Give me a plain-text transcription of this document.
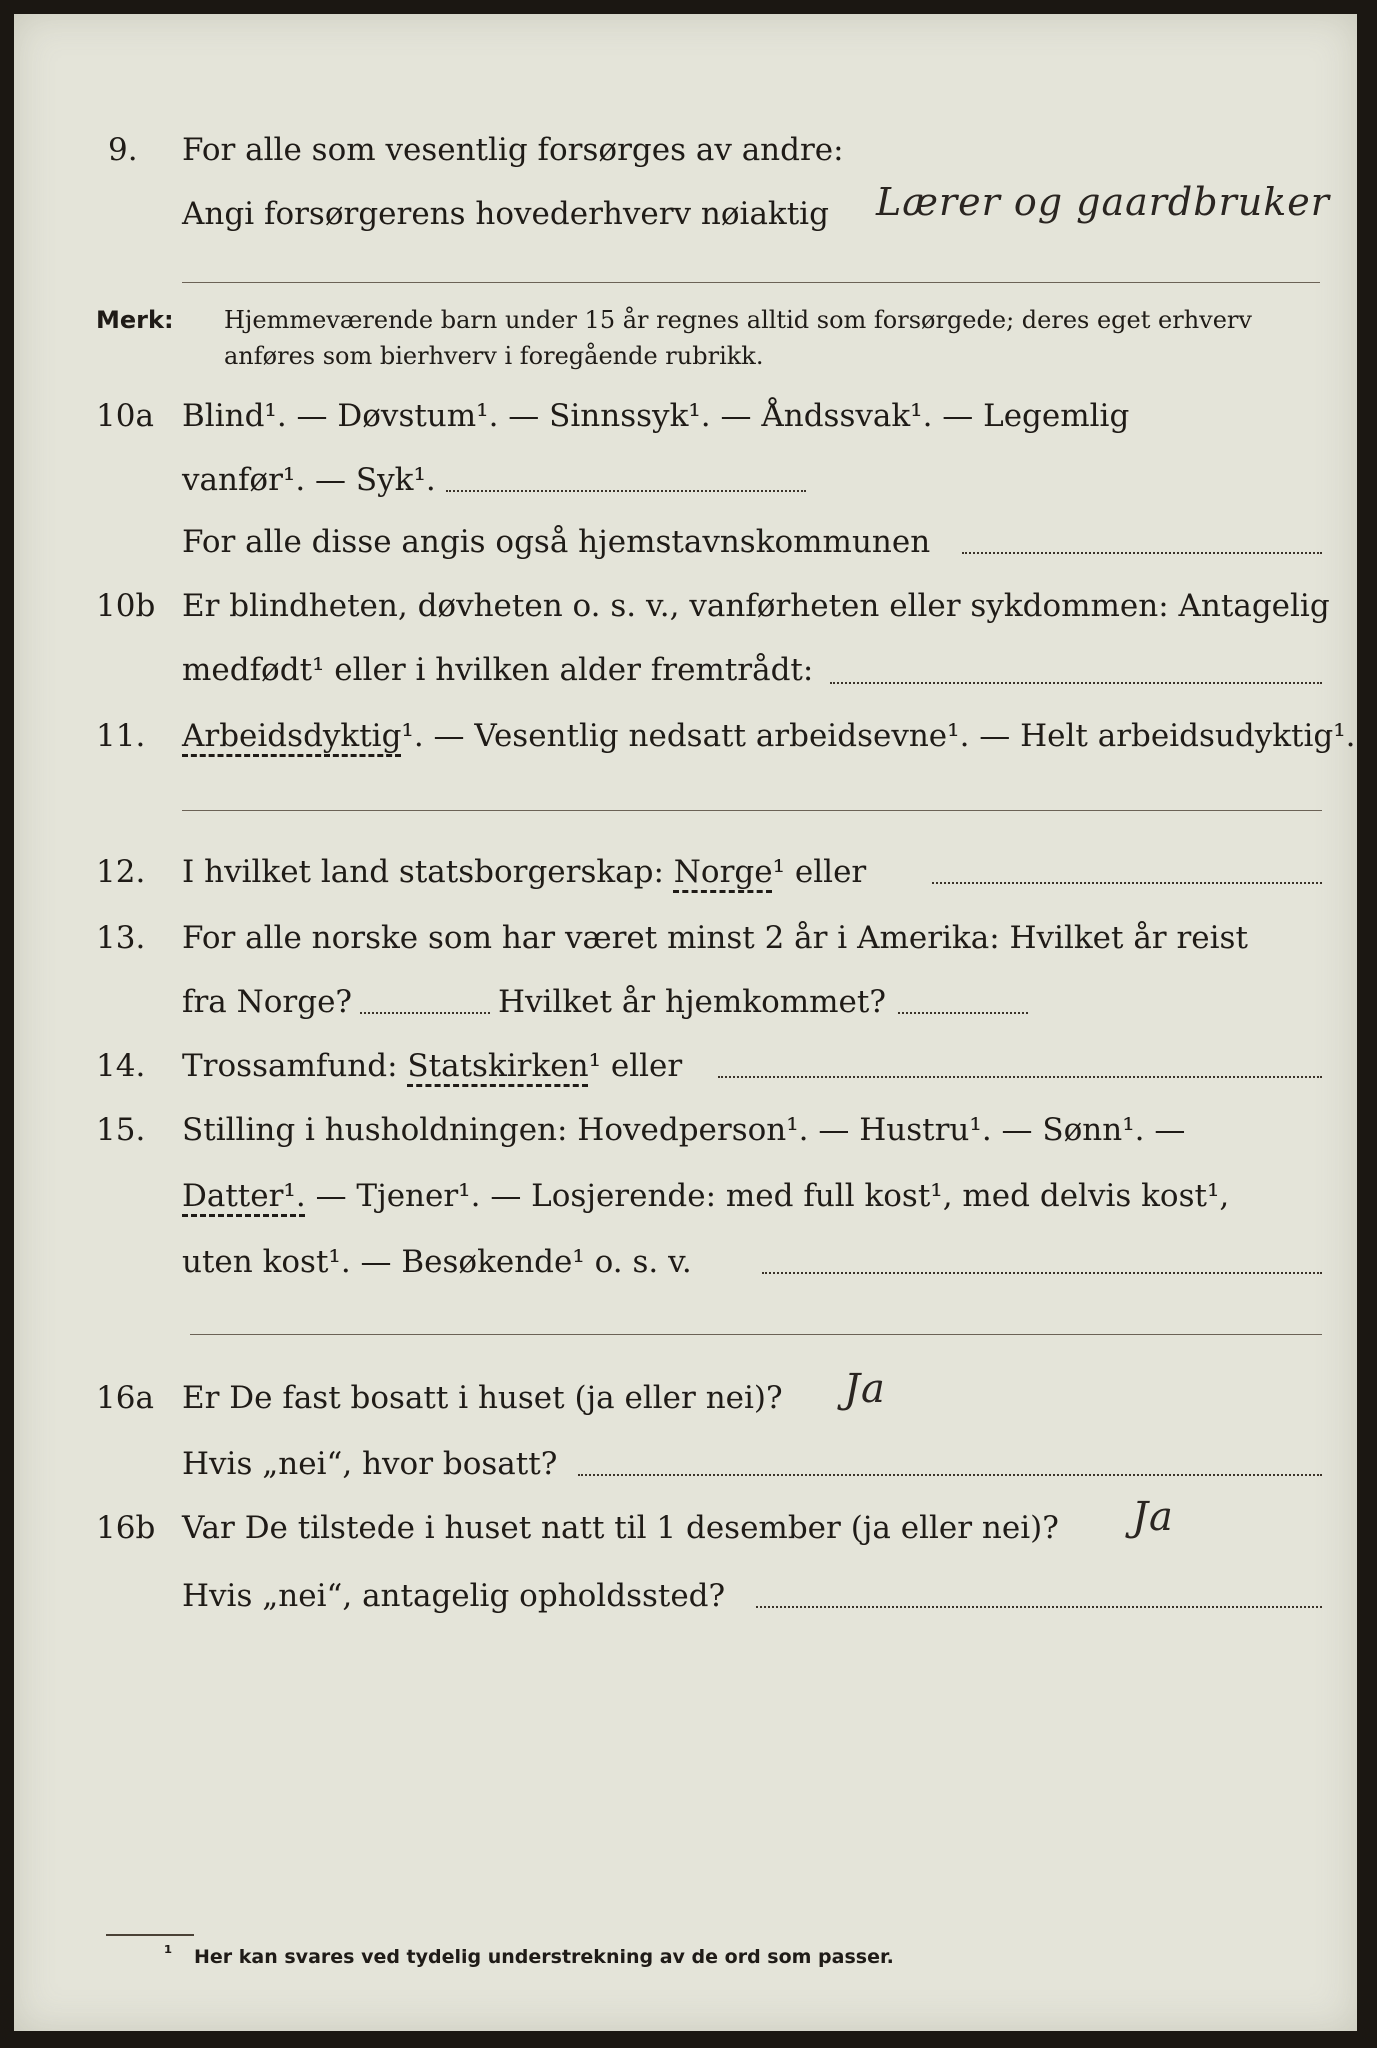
9. For alle som vesentlig forsørges av andre:
Angi forsørgerens hovederhverv nøiaktig Lærer og gaardbruker
Merk: Hjemmeværende barn under 15 år regnes alltid som forsørgede; deres eget erhverv
anføres som bierhverv i foregående rubrikk.
10a Blind¹. — Døvstum¹. — Sinnssyk¹. — Åndssvak¹. — Legemlig
vanfør¹. — Syk¹.
For alle disse angis også hjemstavnskommunen
10b Er blindheten, døvheten o. s. v., vanførheten eller sykdommen: Antagelig
medfødt¹ eller i hvilken alder fremtrådt:
11. Arbeidsdyktig¹. — Vesentlig nedsatt arbeidsevne¹. — Helt arbeidsudyktig¹.
12. I hvilket land statsborgerskap: Norge¹ eller
13. For alle norske som har været minst 2 år i Amerika: Hvilket år reist
fra Norge?	Hvilket år hjemkommet?
14. Trossamfund: Statskirken¹ eller
15. Stilling i husholdningen: Hovedperson¹. — Hustru¹. — Sønn¹. —
Datter¹. — Tjener¹. — Losjerende: med full kost¹, med delvis kost¹,
uten kost¹. — Besøkende¹ o. s. v.
16a Er De fast bosatt i huset (ja eller nei)? Ja
Hvis „nei“, hvor bosatt?
16b Var De tilstede i huset natt til 1 desember (ja eller nei)? Ja
Hvis „nei“, antagelig opholdssted?
¹ Her kan svares ved tydelig understrekning av de ord som passer.
